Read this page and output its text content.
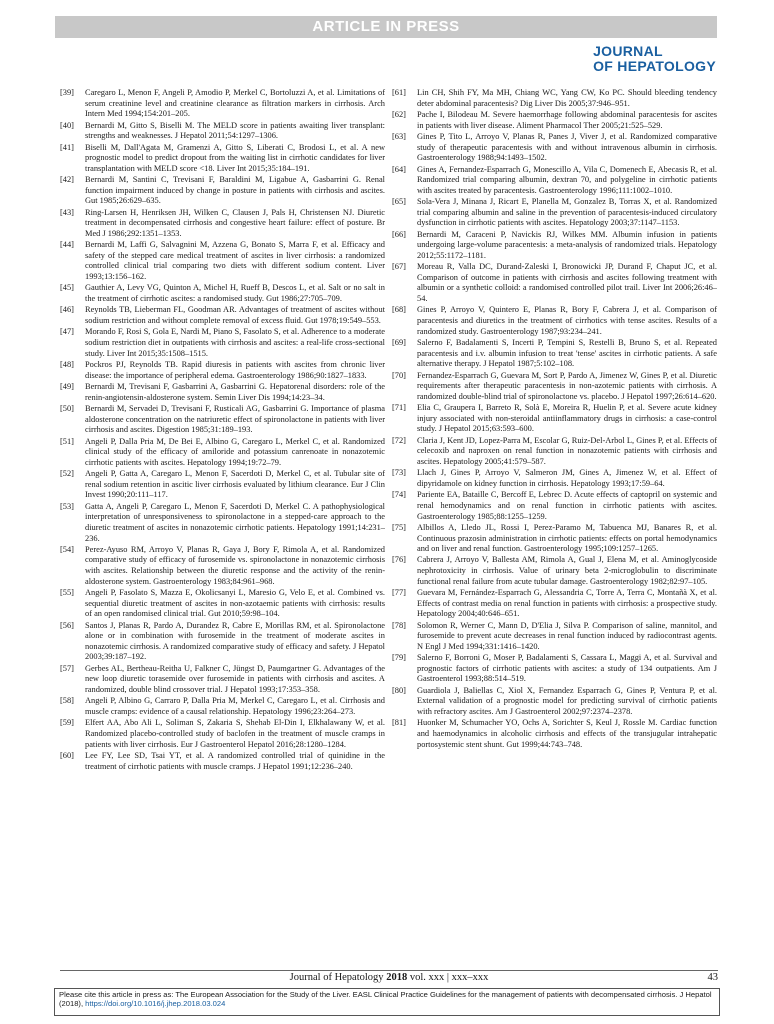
ARTICLE IN PRESS
JOURNAL
OF HEPATOLOGY
[39]	Caregaro L, Menon F, Angeli P, Amodio P, Merkel C, Bortoluzzi A, et al. Limitations of serum creatinine level and creatinine clearance as filtration markers in cirrhosis. Arch Intern Med 1994;154:201–205.
[40]	Bernardi M, Gitto S, Biselli M. The MELD score in patients awaiting liver transplant: strengths and weaknesses. J Hepatol 2011;54:1297–1306.
[41]	Biselli M, Dall'Agata M, Gramenzi A, Gitto S, Liberati C, Brodosi L, et al. A new prognostic model to predict dropout from the waiting list in cirrhotic candidates for liver transplantation with MELD score <18. Liver Int 2015;35:184–191.
[42]	Bernardi M, Santini C, Trevisani F, Baraldini M, Ligabue A, Gasbarrini G. Renal function impairment induced by change in posture in patients with cirrhosis and ascites. Gut 1985;26:629–635.
[43]	Ring-Larsen H, Henriksen JH, Wilken C, Clausen J, Pals H, Christensen NJ. Diuretic treatment in decompensated cirrhosis and congestive heart failure: effect of posture. Br Med J 1986;292:1351–1353.
[44]	Bernardi M, Laffi G, Salvagnini M, Azzena G, Bonato S, Marra F, et al. Efficacy and safety of the stepped care medical treatment of ascites in liver cirrhosis: a randomized controlled clinical trial comparing two diets with different sodium content. Liver 1993;13:156–162.
[45]	Gauthier A, Levy VG, Quinton A, Michel H, Rueff B, Descos L, et al. Salt or no salt in the treatment of cirrhotic ascites: a randomised study. Gut 1986;27:705–709.
[46]	Reynolds TB, Lieberman FL, Goodman AR. Advantages of treatment of ascites without sodium restriction and without complete removal of excess fluid. Gut 1978;19:549–553.
[47]	Morando F, Rosi S, Gola E, Nardi M, Piano S, Fasolato S, et al. Adherence to a moderate sodium restriction diet in outpatients with cirrhosis and ascites: a real-life cross-sectional study. Liver Int 2015;35:1508–1515.
[48]	Pockros PJ, Reynolds TB. Rapid diuresis in patients with ascites from chronic liver disease: the importance of peripheral edema. Gastroenterology 1986;90:1827–1833.
[49]	Bernardi M, Trevisani F, Gasbarrini A, Gasbarrini G. Hepatorenal disorders: role of the renin-angiotensin-aldosterone system. Semin Liver Dis 1994;14:23–34.
[50]	Bernardi M, Servadei D, Trevisani F, Rusticali AG, Gasbarrini G. Importance of plasma aldosterone concentration on the natriuretic effect of spironolactone in patients with liver cirrhosis and ascites. Digestion 1985;31:189–193.
[51]	Angeli P, Dalla Pria M, De Bei E, Albino G, Caregaro L, Merkel C, et al. Randomized clinical study of the efficacy of amiloride and potassium canrenoate in nonazotemic cirrhotic patients with ascites. Hepatology 1994;19:72–79.
[52]	Angeli P, Gatta A, Caregaro L, Menon F, Sacerdoti D, Merkel C, et al. Tubular site of renal sodium retention in ascitic liver cirrhosis evaluated by lithium clearance. Eur J Clin Invest 1990;20:111–117.
[53]	Gatta A, Angeli P, Caregaro L, Menon F, Sacerdoti D, Merkel C. A pathophysiological interpretation of unresponsiveness to spironolactone in a stepped-care approach to the diuretic treatment of ascites in nonazotemic cirrhotic patients. Hepatology 1991;14:231–236.
[54]	Perez-Ayuso RM, Arroyo V, Planas R, Gaya J, Bory F, Rimola A, et al. Randomized comparative study of efficacy of furosemide vs. spironolactone in nonazotemic cirrhosis with ascites. Relationship between the diuretic response and the activity of the renin-aldosterone system. Gastroenterology 1983;84:961–968.
[55]	Angeli P, Fasolato S, Mazza E, Okolicsanyi L, Maresio G, Velo E, et al. Combined vs. sequential diuretic treatment of ascites in non-azotaemic patients with cirrhosis: results of an open randomised clinical trial. Gut 2010;59:98–104.
[56]	Santos J, Planas R, Pardo A, Durandez R, Cabre E, Morillas RM, et al. Spironolactone alone or in combination with furosemide in the treatment of moderate ascites in nonazotemic cirrhosis. A randomized comparative study of efficacy and safety. J Hepatol 2003;39:187–192.
[57]	Gerbes AL, Bertheau-Reitha U, Falkner C, Jüngst D, Paumgartner G. Advantages of the new loop diuretic torasemide over furosemide in patients with cirrhosis and ascites. A randomized, double blind crossover trial. J Hepatol 1993;17:353–358.
[58]	Angeli P, Albino G, Carraro P, Dalla Pria M, Merkel C, Caregaro L, et al. Cirrhosis and muscle cramps: evidence of a causal relationship. Hepatology 1996;23:264–273.
[59]	Elfert AA, Abo Ali L, Soliman S, Zakaria S, Shehab El-Din I, Elkhalawany W, et al. Randomized placebo-controlled study of baclofen in the treatment of muscle cramps in patients with liver cirrhosis. Eur J Gastroenterol Hepatol 2016;28:1280–1284.
[60]	Lee FY, Lee SD, Tsai YT, et al. A randomized controlled trial of quinidine in the treatment of cirrhotic patients with muscle cramps. J Hepatol 1991;12:236–240.
[61]	Lin CH, Shih FY, Ma MH, Chiang WC, Yang CW, Ko PC. Should bleeding tendency deter abdominal paracentesis? Dig Liver Dis 2005;37:946–951.
[62]	Pache I, Bilodeau M. Severe haemorrhage following abdominal paracentesis for ascites in patients with liver disease. Aliment Pharmacol Ther 2005;21:525–529.
[63]	Gines P, Tito L, Arroyo V, Planas R, Panes J, Viver J, et al. Randomized comparative study of therapeutic paracentesis with and without intravenous albumin in cirrhosis. Gastroenterology 1988;94:1493–1502.
[64]	Gines A, Fernandez-Esparrach G, Monescillo A, Vila C, Domenech E, Abecasis R, et al. Randomized trial comparing albumin, dextran 70, and polygeline in cirrhotic patients with ascites treated by paracentesis. Gastroenterology 1996;111:1002–1010.
[65]	Sola-Vera J, Minana J, Ricart E, Planella M, Gonzalez B, Torras X, et al. Randomized trial comparing albumin and saline in the prevention of paracentesis-induced circulatory dysfunction in cirrhotic patients with ascites. Hepatology 2003;37:1147–1153.
[66]	Bernardi M, Caraceni P, Navickis RJ, Wilkes MM. Albumin infusion in patients undergoing large-volume paracentesis: a meta-analysis of randomized trials. Hepatology 2012;55:1172–1181.
[67]	Moreau R, Valla DC, Durand-Zaleski I, Bronowicki JP, Durand F, Chaput JC, et al. Comparison of outcome in patients with cirrhosis and ascites following treatment with albumin or a synthetic colloid: a randomised controlled pilot trail. Liver Int 2006;26:46–54.
[68]	Gines P, Arroyo V, Quintero E, Planas R, Bory F, Cabrera J, et al. Comparison of paracentesis and diuretics in the treatment of cirrhotics with tense ascites. Results of a randomized study. Gastroenterology 1987;93:234–241.
[69]	Salerno F, Badalamenti S, Incerti P, Tempini S, Restelli B, Bruno S, et al. Repeated paracentesis and i.v. albumin infusion to treat 'tense' ascites in cirrhotic patients. A safe alternative therapy. J Hepatol 1987;5:102–108.
[70]	Fernandez-Esparrach G, Guevara M, Sort P, Pardo A, Jimenez W, Gines P, et al. Diuretic requirements after therapeutic paracentesis in non-azotemic patients with cirrhosis. A randomized double-blind trial of spironolactone vs. placebo. J Hepatol 1997;26:614–620.
[71]	Elia C, Graupera I, Barreto R, Solà E, Moreira R, Huelin P, et al. Severe acute kidney injury associated with non-steroidal antiinflammatory drugs in cirrhosis: a case-control study. J Hepatol 2015;63:593–600.
[72]	Claria J, Kent JD, Lopez-Parra M, Escolar G, Ruiz-Del-Arbol L, Gines P, et al. Effects of celecoxib and naproxen on renal function in nonazotemic patients with cirrhosis and ascites. Hepatology 2005;41:579–587.
[73]	Llach J, Gines P, Arroyo V, Salmeron JM, Gines A, Jimenez W, et al. Effect of dipyridamole on kidney function in cirrhosis. Hepatology 1993;17:59–64.
[74]	Pariente EA, Bataille C, Bercoff E, Lebrec D. Acute effects of captopril on systemic and renal hemodynamics and on renal function in cirrhotic patients with ascites. Gastroenterology 1985;88:1255–1259.
[75]	Albillos A, Lledo JL, Rossi I, Perez-Paramo M, Tabuenca MJ, Banares R, et al. Continuous prazosin administration in cirrhotic patients: effects on portal hemodynamics and on liver and renal function. Gastroenterology 1995;109:1257–1265.
[76]	Cabrera J, Arroyo V, Ballesta AM, Rimola A, Gual J, Elena M, et al. Aminoglycoside nephrotoxicity in cirrhosis. Value of urinary beta 2-microglobulin to discriminate functional renal failure from acute tubular damage. Gastroenterology 1982;82:97–105.
[77]	Guevara M, Fernández-Esparrach G, Alessandria C, Torre A, Terra C, Montañà X, et al. Effects of contrast media on renal function in patients with cirrhosis: a prospective study. Hepatology 2004;40:646–651.
[78]	Solomon R, Werner C, Mann D, D'Elia J, Silva P. Comparison of saline, mannitol, and furosemide to prevent acute decreases in renal function induced by radiocontrast agents. N Engl J Med 1994;331:1416–1420.
[79]	Salerno F, Borroni G, Moser P, Badalamenti S, Cassara L, Maggi A, et al. Survival and prognostic factors of cirrhotic patients with ascites: a study of 134 outpatients. Am J Gastroenterol 1993;88:514–519.
[80]	Guardiola J, Baliellas C, Xiol X, Fernandez Esparrach G, Gines P, Ventura P, et al. External validation of a prognostic model for predicting survival of cirrhotic patients with refractory ascites. Am J Gastroenterol 2002;97:2374–2378.
[81]	Huonker M, Schumacher YO, Ochs A, Sorichter S, Keul J, Rossle M. Cardiac function and haemodynamics in alcoholic cirrhosis and effects of the transjugular intrahepatic portosystemic stent shunt. Gut 1999;44:743–748.
Journal of Hepatology 2018 vol. xxx | xxx–xxx	43
Please cite this article in press as: The European Association for the Study of the Liver. EASL Clinical Practice Guidelines for the management of patients with decompensated cirrhosis. J Hepatol (2018), https://doi.org/10.1016/j.jhep.2018.03.024
